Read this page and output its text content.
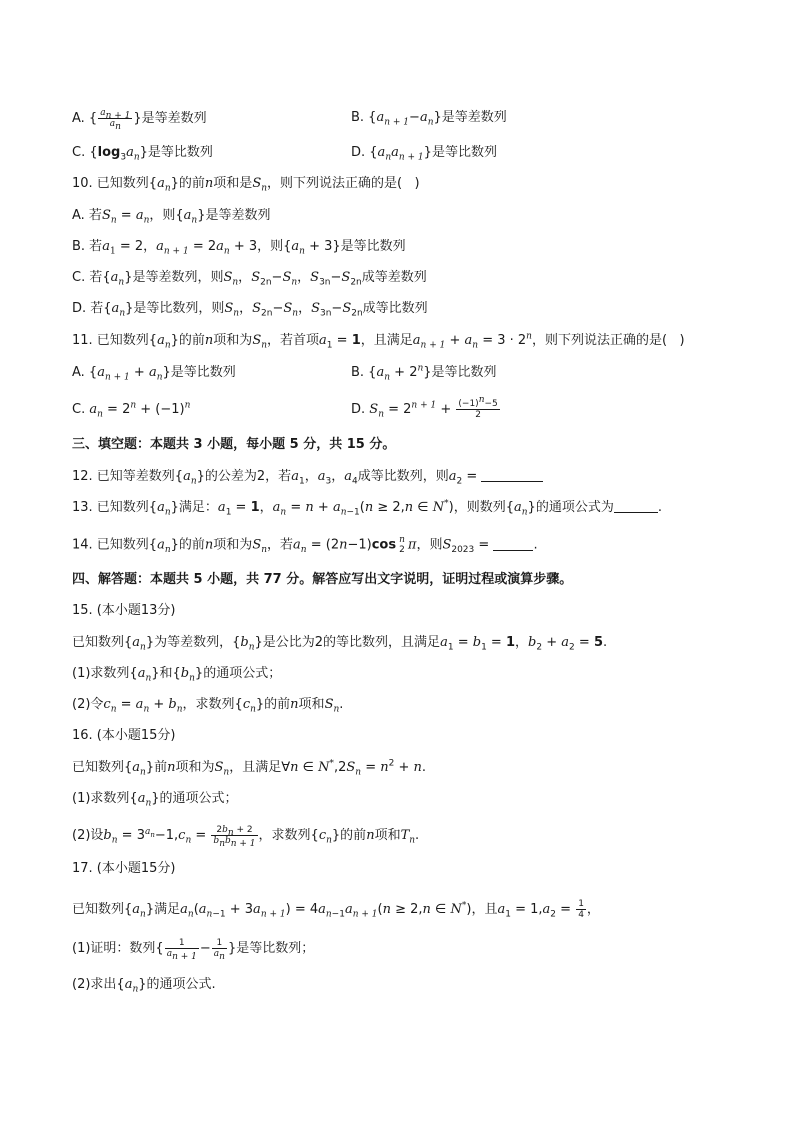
A. { $\frac{a_{n + 1}}{a_n}$ }是等差数列	B. $\{a_{n + 1}-a_n\}$是等差数列
C. $\{\log_3a_n\}$是等比数列	D. $\{a_na_{n + 1}\}$是等比数列
10. 已知数列$\{a_n\}$的前n项和是$S_n$，则下列说法正确的是(   )
A. 若$S_n = a_n$，则$\{a_n\}$是等差数列
B. 若$a_1 = 2$，$a_{n + 1} = 2a_n + 3$，则$\{a_n + 3\}$是等比数列
C. 若$\{a_n\}$是等差数列，则$S_n$，$S_{2n}-S_n$，$S_{3n}-S_{2n}$成等差数列
D. 若$\{a_n\}$是等比数列，则$S_n$，$S_{2n}-S_n$，$S_{3n}-S_{2n}$成等比数列
11. 已知数列$\{a_n\}$的前n项和为$S_n$，若首项$a_1 = 1$，且满足$a_{n + 1} + a_n = 3 \cdot 2^n$，则下列说法正确的是(   )
A. $\{a_{n + 1} + a_n\}$是等比数列	B. $\{a_n + 2^n\}$是等比数列
C. $a_n = 2^n + (-1)^n$	D. $S_n = 2^{n + 1} + \frac{(-1)^n-5}{2}$
三、填空题：本题共 3 小题，每小题 5 分，共 15 分。
12. 已知等差数列$\{a_n\}$的公差为2，若$a_1$，$a_3$，$a_4$成等比数列，则$a_2$ =
13. 已知数列$\{a_n\}$满足：$a_1 = 1$，$a_n = n + a_{n-1}(n \ge 2,n$ ∈ N*)，则数列$\{a_n\}$的通项公式为	.
14. 已知数列$\{a_n\}$的前n项和为$S_n$，若$a_n = (2n-1)\cos$ n
2 π，则$S_{2023}$ =	.
四、解答题：本题共 5 小题，共 77 分。解答应写出文字说明，证明过程或演算步骤。
15. (本小题13分)
已知数列$\{a_n\}$为等差数列，$\{b_n\}$是公比为2的等比数列，且满足$a_1 = b_1 = 1$，$b_2 + a_2 = 5$.
(1)求数列$\{a_n\}$和$\{b_n\}$的通项公式；
(2)令$c_n = a_n + b_n$，求数列$\{c_n\}$的前n项和$S_n$.
16. (本小题15分)
已知数列$\{a_n\}$前n项和为$S_n$，且满足∀n ∈ $N^*,2S_n = n^2 + n$.
(1)求数列$\{a_n\}$的通项公式；
(2)设$b_n = 3^{a_n}-1,c_n = \frac{2b_n + 2}{b_nb_{n + 1}}$ ，求数列$\{c_n\}$的前n项和$T_n$.
17. (本小题15分)
已知数列$\{a_n\}$满足$a_n(a_{n-1} + 3a_{n + 1}) = 4a_{n-1}a_{n + 1}(n \ge 2,n$ ∈ N*)，且$a_1 = 1,a_2 = \frac{1}{4}$ ，
(1)证明：数列{ $\frac{1}{a_{n + 1}} - \frac{1}{a_n}$ }是等比数列；
(2)求出$\{a_n\}$的通项公式.
